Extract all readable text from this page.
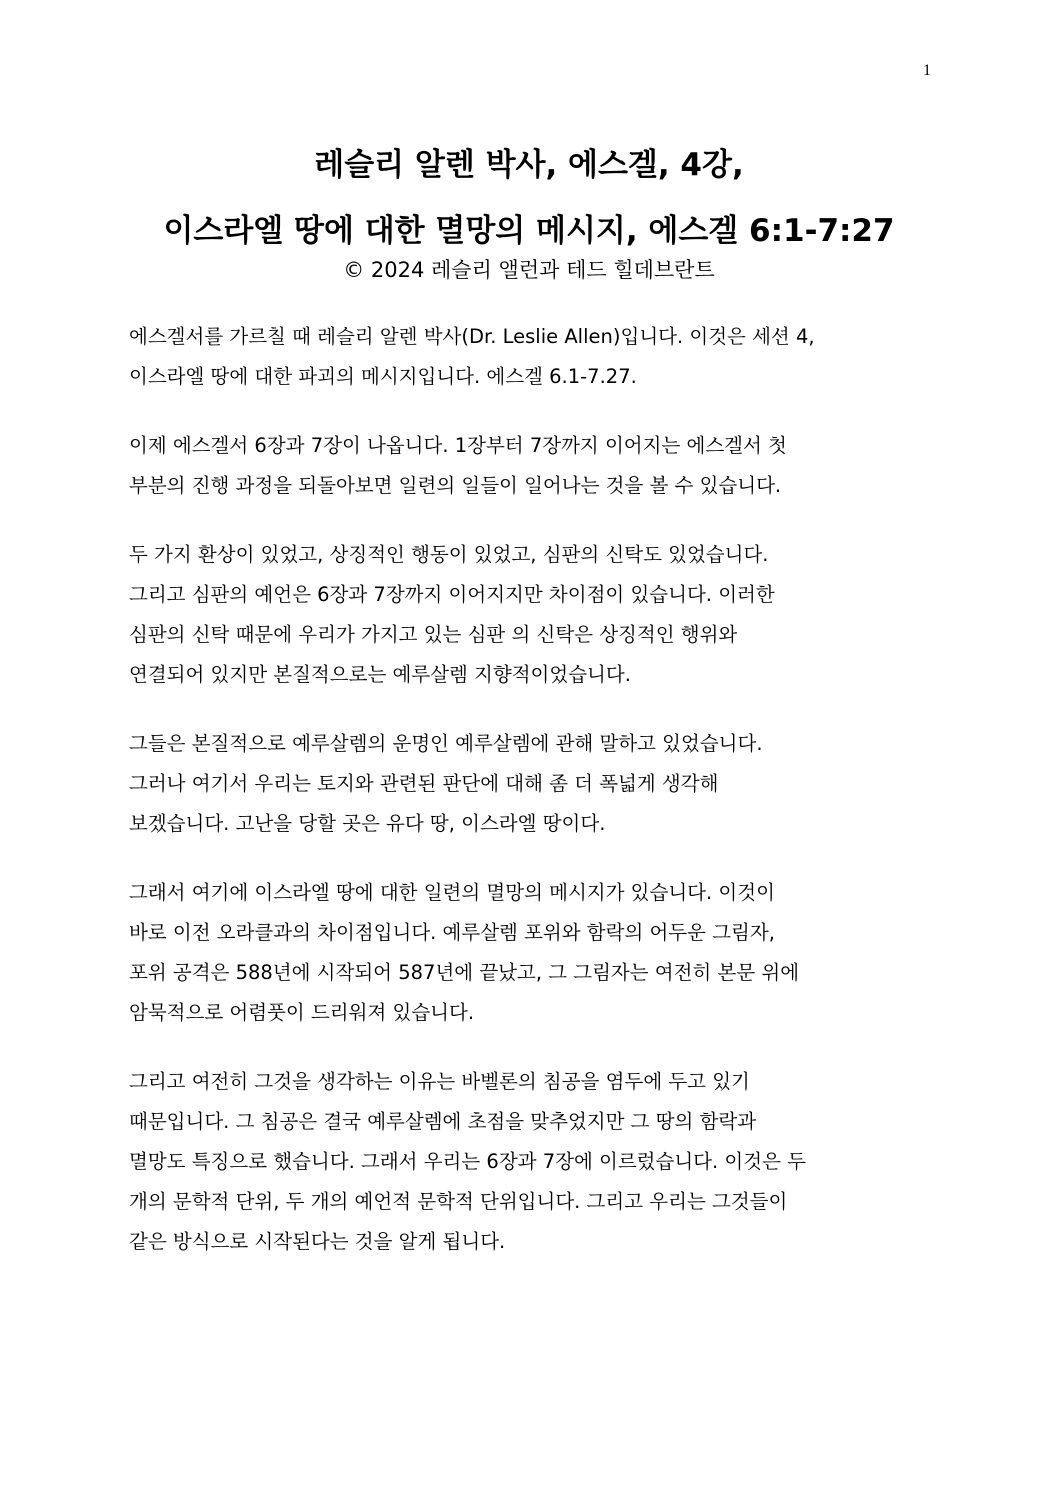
1
레슬리 알렌 박사, 에스겔, 4강,
이스라엘 땅에 대한 멸망의 메시지, 에스겔 6:1-7:27
© 2024 레슬리 앨런과 테드 힐데브란트

에스겔서를 가르칠 때 레슬리 알렌 박사(Dr. Leslie Allen)입니다. 이것은 세션 4,
이스라엘 땅에 대한 파괴의 메시지입니다. 에스겔 6.1-7.27.

이제 에스겔서 6장과 7장이 나옵니다. 1장부터 7장까지 이어지는 에스겔서 첫
부분의 진행 과정을 되돌아보면 일련의 일들이 일어나는 것을 볼 수 있습니다.

두 가지 환상이 있었고, 상징적인 행동이 있었고, 심판의 신탁도 있었습니다.
그리고 심판의 예언은 6장과 7장까지 이어지지만 차이점이 있습니다. 이러한
심판의 신탁 때문에 우리가 가지고 있는 심판 의 신탁은 상징적인 행위와
연결되어 있지만 본질적으로는 예루살렘 지향적이었습니다.

그들은 본질적으로 예루살렘의 운명인 예루살렘에 관해 말하고 있었습니다.
그러나 여기서 우리는 토지와 관련된 판단에 대해 좀 더 폭넓게 생각해
보겠습니다. 고난을 당할 곳은 유다 땅, 이스라엘 땅이다.

그래서 여기에 이스라엘 땅에 대한 일련의 멸망의 메시지가 있습니다. 이것이
바로 이전 오라클과의 차이점입니다. 예루살렘 포위와 함락의 어두운 그림자,
포위 공격은 588년에 시작되어 587년에 끝났고, 그 그림자는 여전히 본문 위에
암묵적으로 어렴풋이 드리워져 있습니다.

그리고 여전히 그것을 생각하는 이유는 바벨론의 침공을 염두에 두고 있기
때문입니다. 그 침공은 결국 예루살렘에 초점을 맞추었지만 그 땅의 함락과
멸망도 특징으로 했습니다. 그래서 우리는 6장과 7장에 이르렀습니다. 이것은 두
개의 문학적 단위, 두 개의 예언적 문학적 단위입니다. 그리고 우리는 그것들이
같은 방식으로 시작된다는 것을 알게 됩니다.
